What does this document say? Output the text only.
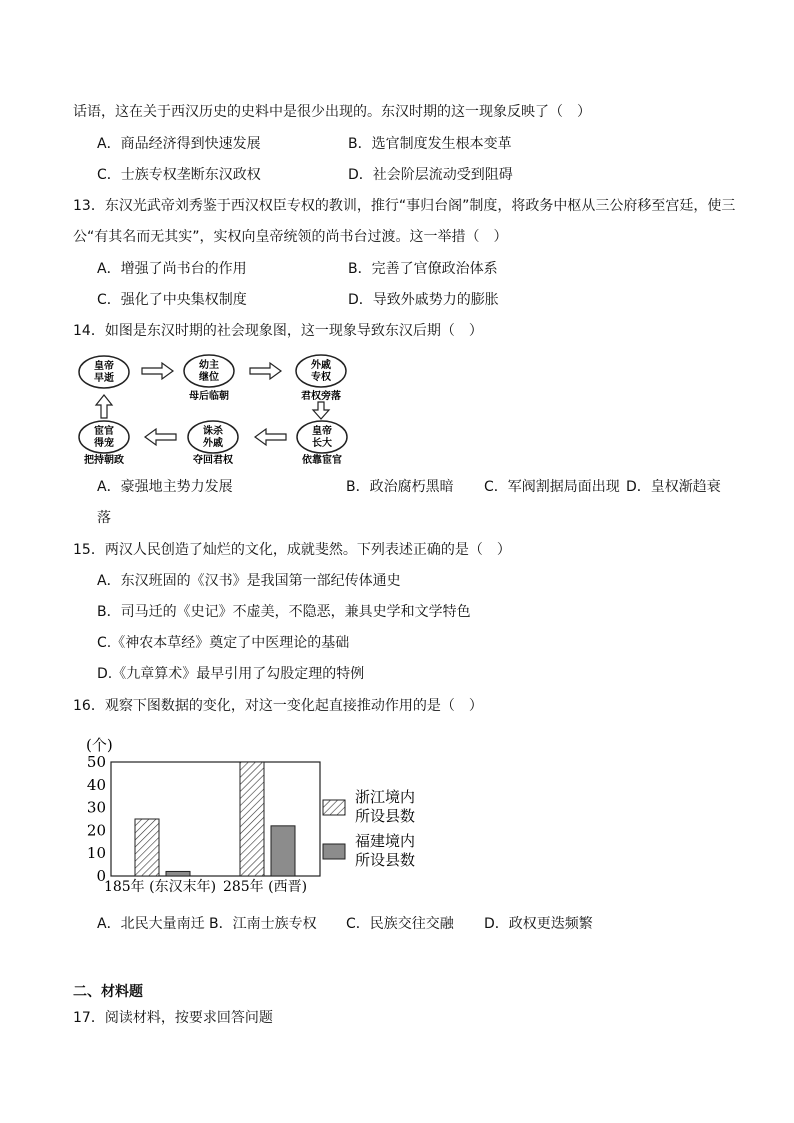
话语，这在关于西汉历史的史料中是很少出现的。东汉时期的这一现象反映了（　）
A．商品经济得到快速发展	B．选官制度发生根本变革
C．士族专权垄断东汉政权	D．社会阶层流动受到阻碍
13．东汉光武帝刘秀鉴于西汉权臣专权的教训，推行“事归台阁”制度，将政务中枢从三公府移至宫廷，使三
公“有其名而无其实”，实权向皇帝统领的尚书台过渡。这一举措（　）
A．增强了尚书台的作用	B．完善了官僚政治体系
C．强化了中央集权制度	D．导致外戚势力的膨胀
14．如图是东汉时期的社会现象图，这一现象导致东汉后期（　）
皇帝
早逝
幼主
继位
母后临朝
外戚
专权
君权旁落
皇帝
长大
依靠宦官
诛杀
外戚
夺回君权
宦官
得宠
把持朝政
A．豪强地主势力发展	B．政治腐朽黑暗 C．军阀割据局面出现 D．皇权渐趋衰
落
15．两汉人民创造了灿烂的文化，成就斐然。下列表述正确的是（　）
A．东汉班固的《汉书》是我国第一部纪传体通史
B．司马迁的《史记》不虚美，不隐恶，兼具史学和文学特色
C.《神农本草经》奠定了中医理论的基础
D.《九章算术》最早引用了勾股定理的特例
16．观察下图数据的变化，对这一变化起直接推动作用的是（　）
(个)
0
10
20
30
40
50
185年 (东汉末年) 285年 (西晋)
浙江境内
所设县数
福建境内
所设县数
A．北民大量南迁 B．江南士族专权 C．民族交往交融 D．政权更迭频繁
二、材料题
17．阅读材料，按要求回答问题
